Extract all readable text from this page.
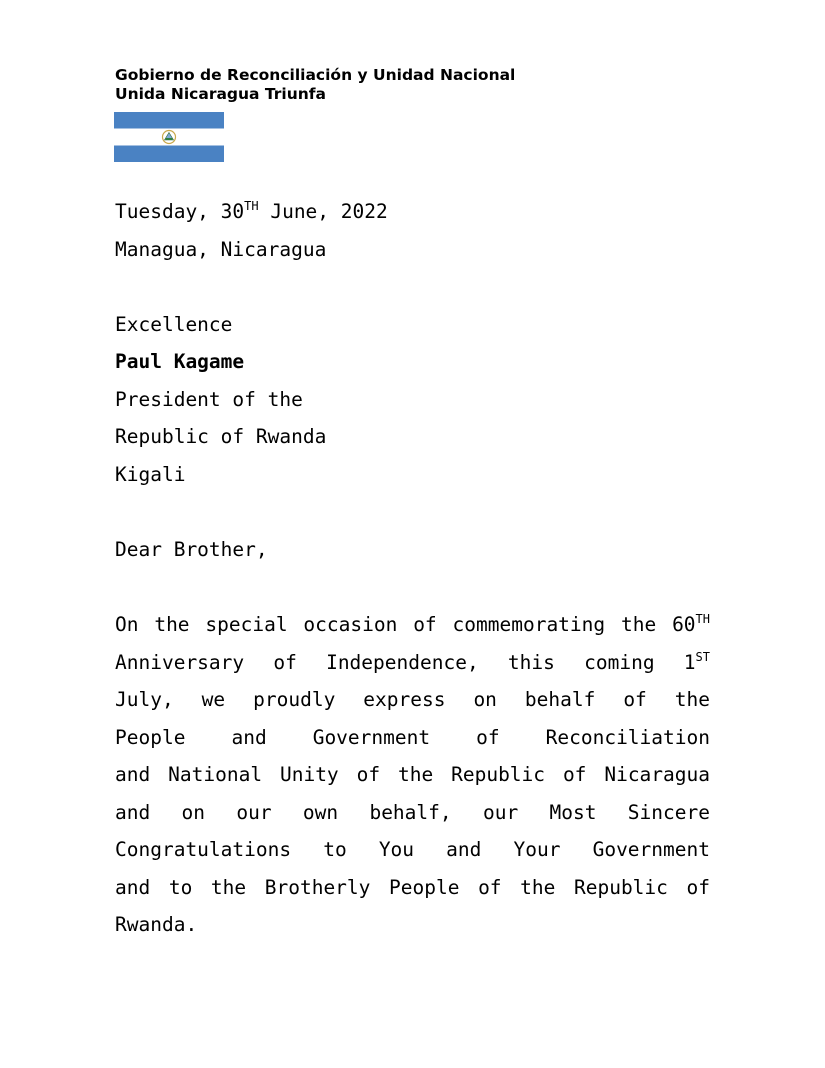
Gobierno de Reconciliación y Unidad Nacional
Unida Nicaragua Triunfa
Tuesday, 30TH June, 2022
Managua, Nicaragua
Excellence
Paul Kagame
President of the
Republic of Rwanda
Kigali
Dear Brother,
On the special occasion of commemorating the 60TH
Anniversary of Independence, this coming 1ST
July, we proudly express on behalf of the
People and Government of Reconciliation
and National Unity of the Republic of Nicaragua
and on our own behalf, our Most Sincere
Congratulations to You and Your Government
and to the Brotherly People of the Republic of
Rwanda.
